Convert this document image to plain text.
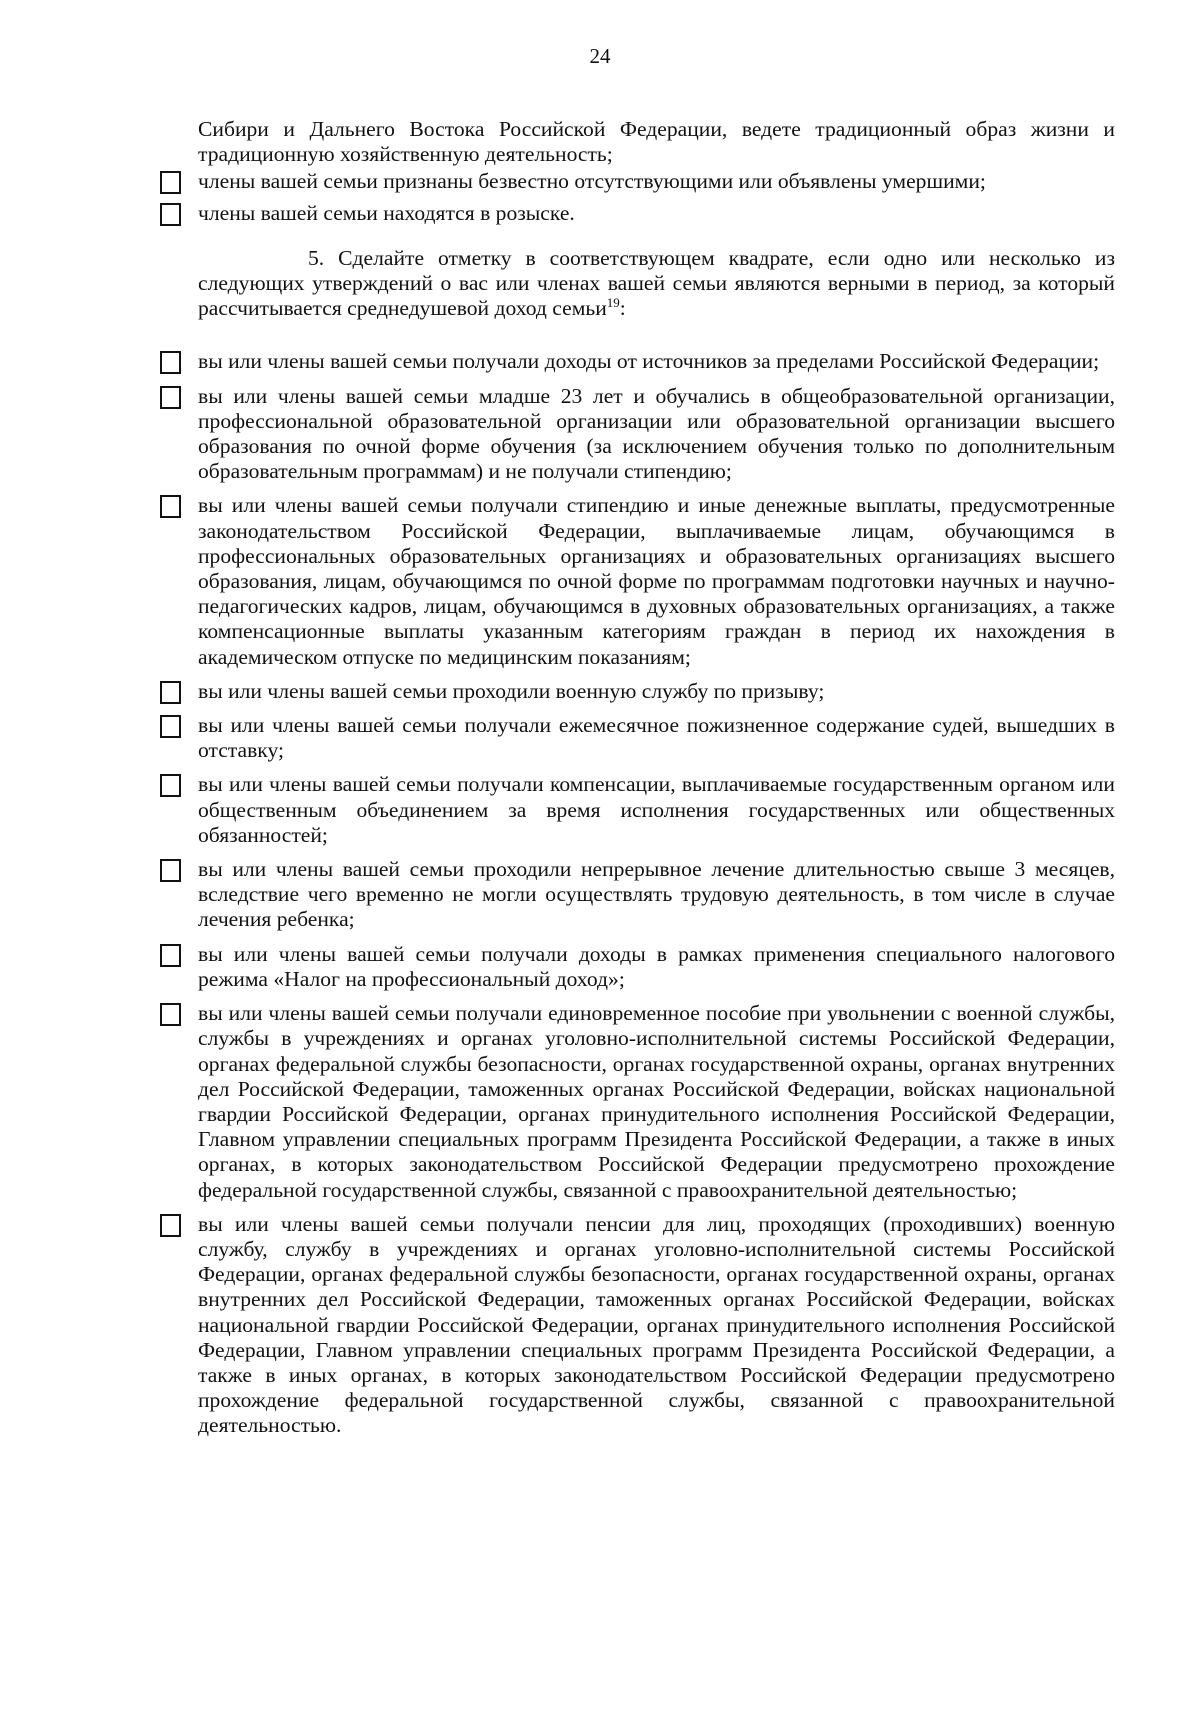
24

Сибири и Дальнего Востока Российской Федерации, ведете традиционный образ жизни и традиционную хозяйственную деятельность;

члены вашей семьи признаны безвестно отсутствующими или объявлены умершими;
члены вашей семьи находятся в розыске.

5. Сделайте отметку в соответствующем квадрате, если одно или несколько из следующих утверждений о вас или членах вашей семьи являются верными в период, за который рассчитывается среднедушевой доход семьи$^{19}$:

вы или члены вашей семьи получали доходы от источников за пределами Российской Федерации;
вы или члены вашей семьи младше 23 лет и обучались в общеобразовательной организации, профессиональной образовательной организации или образовательной организации высшего образования по очной форме обучения (за исключением обучения только по дополнительным образовательным программам) и не получали стипендию;
вы или члены вашей семьи получали стипендию и иные денежные выплаты, предусмотренные законодательством Российской Федерации, выплачиваемые лицам, обучающимся в профессиональных образовательных организациях и образовательных организациях высшего образования, лицам, обучающимся по очной форме по программам подготовки научных и научно-педагогических кадров, лицам, обучающимся в духовных образовательных организациях, а также компенсационные выплаты указанным категориям граждан в период их нахождения в академическом отпуске по медицинским показаниям;
вы или члены вашей семьи проходили военную службу по призыву;
вы или члены вашей семьи получали ежемесячное пожизненное содержание судей, вышедших в отставку;
вы или члены вашей семьи получали компенсации, выплачиваемые государственным органом или общественным объединением за время исполнения государственных или общественных обязанностей;
вы или члены вашей семьи проходили непрерывное лечение длительностью свыше 3 месяцев, вследствие чего временно не могли осуществлять трудовую деятельность, в том числе в случае лечения ребенка;
вы или члены вашей семьи получали доходы в рамках применения специального налогового режима «Налог на профессиональный доход»;
вы или члены вашей семьи получали единовременное пособие при увольнении с военной службы, службы в учреждениях и органах уголовно-исполнительной системы Российской Федерации, органах федеральной службы безопасности, органах государственной охраны, органах внутренних дел Российской Федерации, таможенных органах Российской Федерации, войсках национальной гвардии Российской Федерации, органах принудительного исполнения Российской Федерации, Главном управлении специальных программ Президента Российской Федерации, а также в иных органах, в которых законодательством Российской Федерации предусмотрено прохождение федеральной государственной службы, связанной с правоохранительной деятельностью;
вы или члены вашей семьи получали пенсии для лиц, проходящих (проходивших) военную службу, службу в учреждениях и органах уголовно-исполнительной системы Российской Федерации, органах федеральной службы безопасности, органах государственной охраны, органах внутренних дел Российской Федерации, таможенных органах Российской Федерации, войсках национальной гвардии Российской Федерации, органах принудительного исполнения Российской Федерации, Главном управлении специальных программ Президента Российской Федерации, а также в иных органах, в которых законодательством Российской Федерации предусмотрено прохождение федеральной государственной службы, связанной с правоохранительной деятельностью.
